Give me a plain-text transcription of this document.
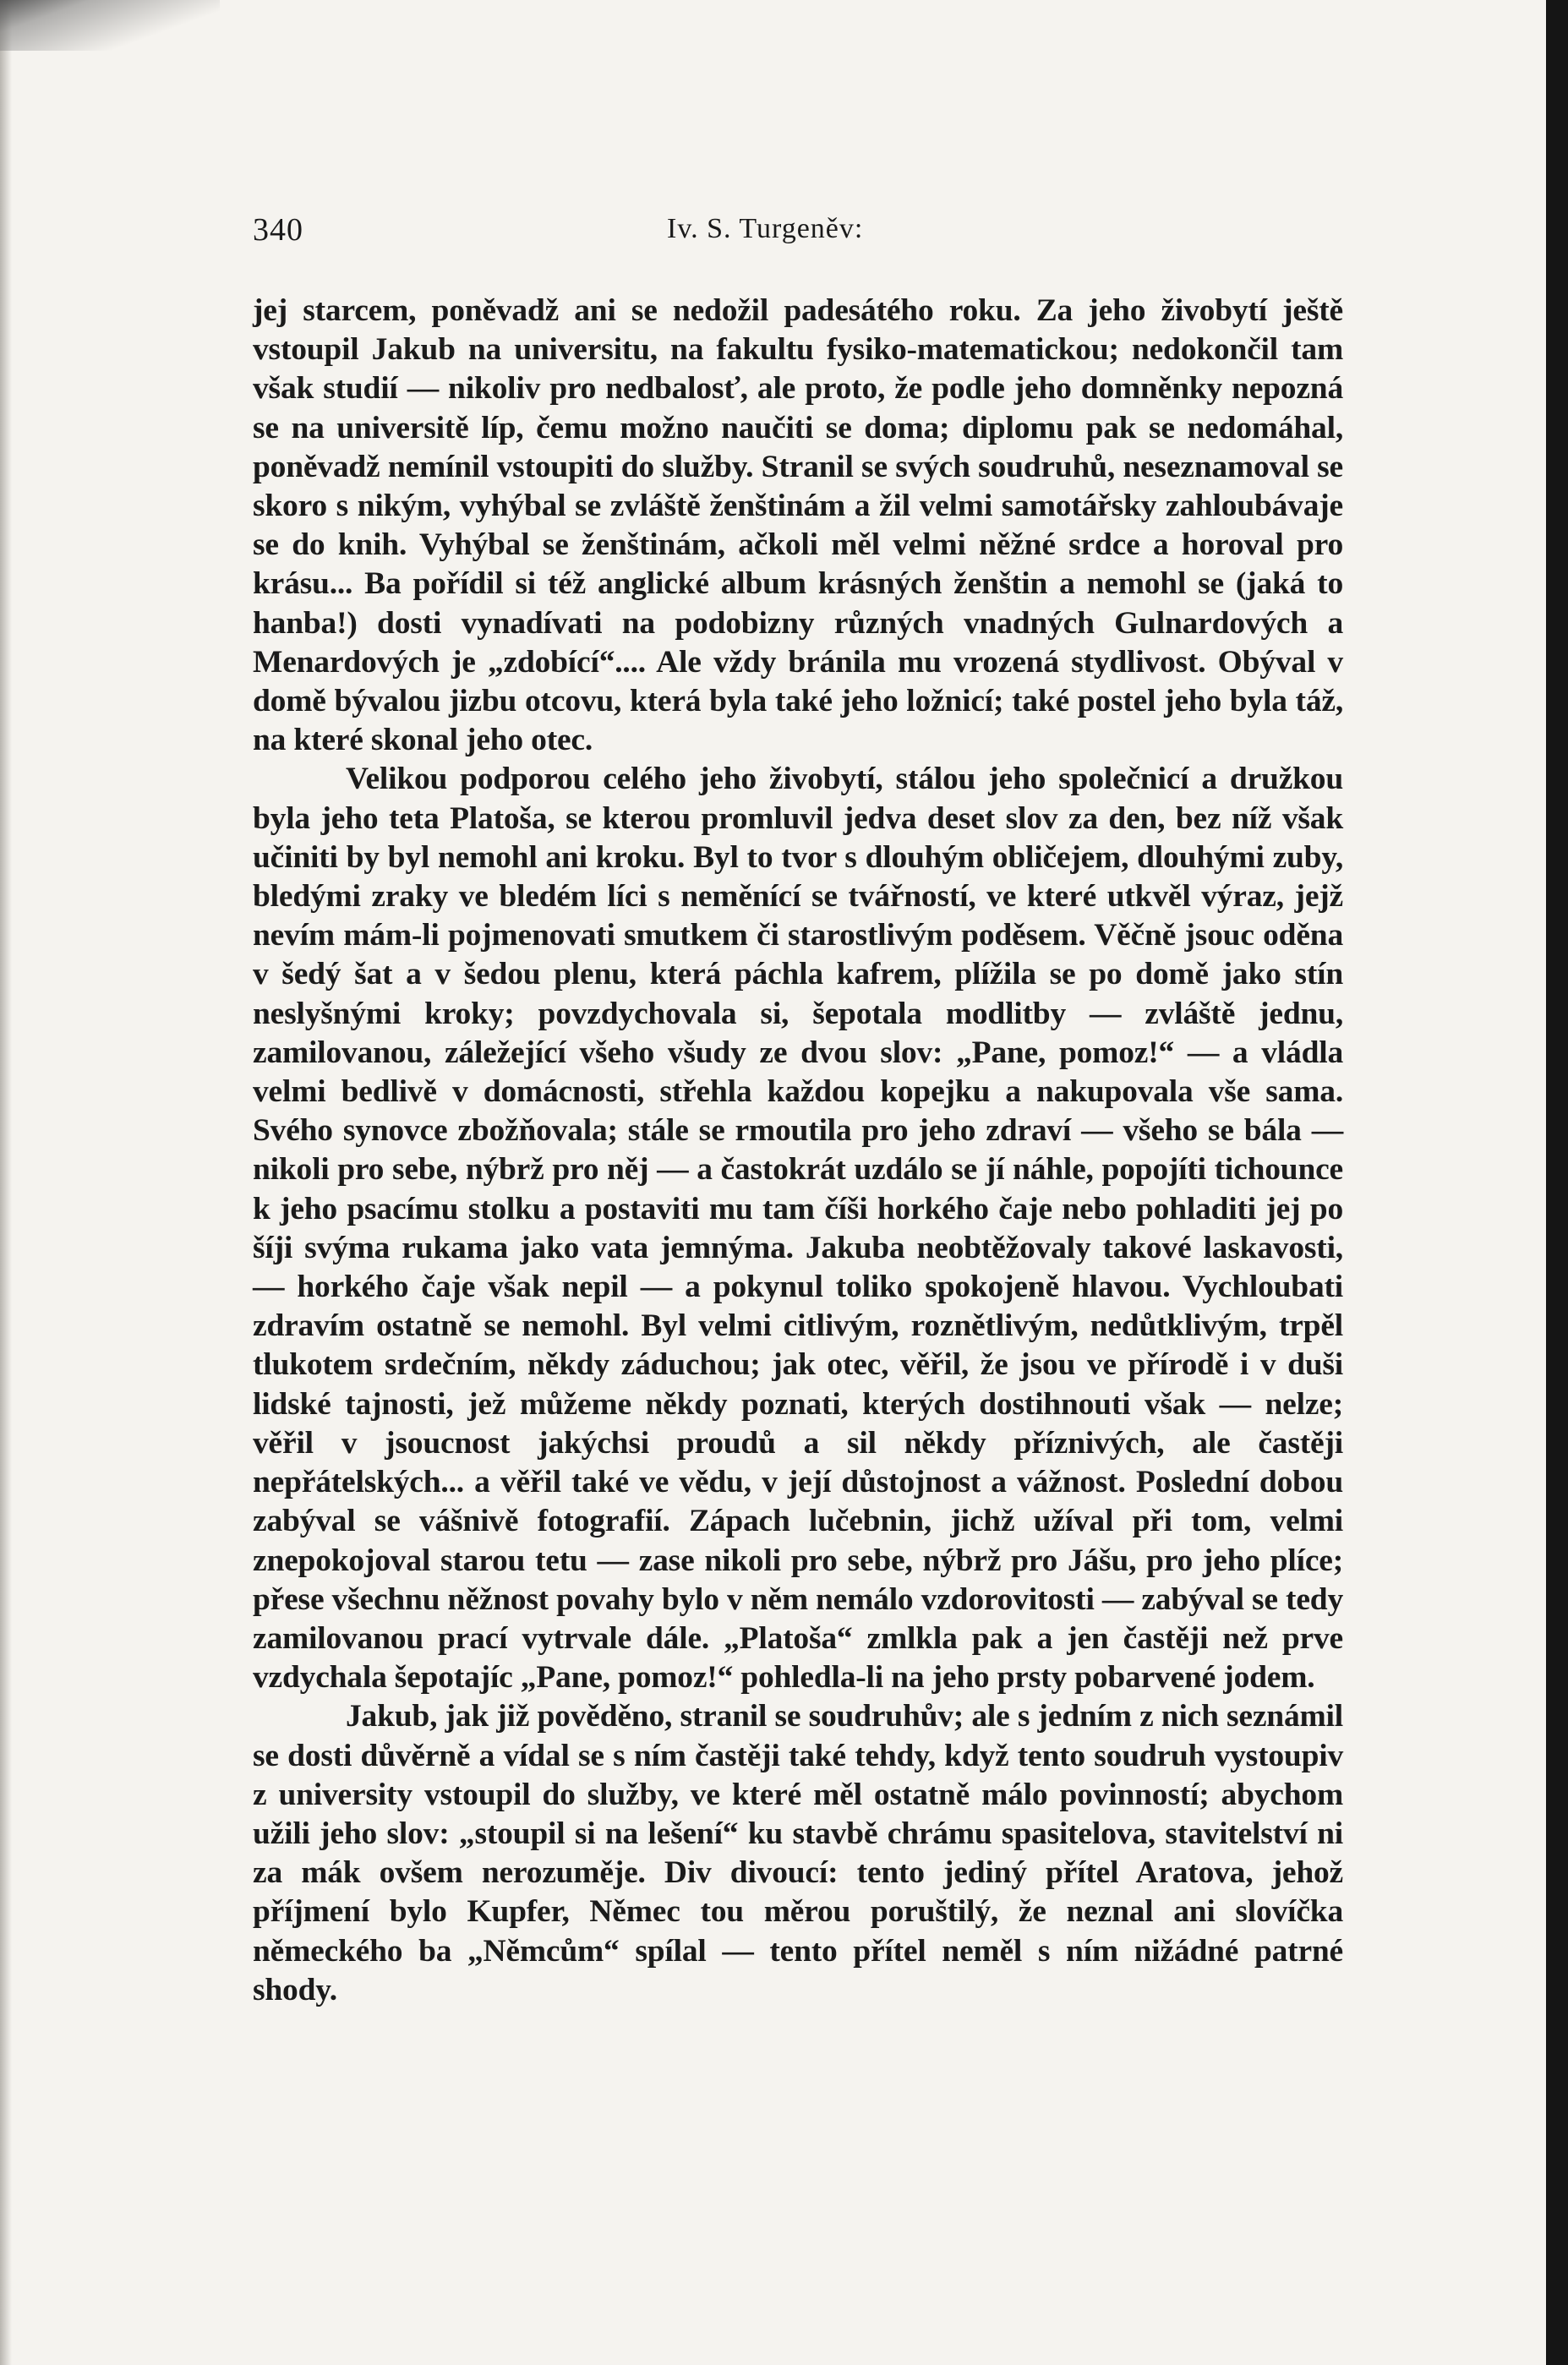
340	Iv. S. Turgeněv:

jej starcem, poněvadž ani se nedožil padesátého roku. Za jeho živobytí ještě vstoupil Jakub na universitu, na fakultu fysiko-matematickou; nedokončil tam však studií — nikoliv pro nedbalosť, ale proto, že podle jeho domněnky nepozná se na universitě líp, čemu možno naučiti se doma; diplomu pak se nedomáhal, poněvadž nemínil vstoupiti do služby. Stranil se svých soudruhů, neseznamoval se skoro s nikým, vyhýbal se zvláště ženštinám a žil velmi samotářsky zahloubávaje se do knih. Vyhýbal se ženštinám, ačkoli měl velmi něžné srdce a horoval pro krásu... Ba pořídil si též anglické album krásných ženštin a nemohl se (jaká to hanba!) dosti vynadívati na podobizny různých vnadných Gulnardových a Menardových je „zdobící“.... Ale vždy bránila mu vrozená stydlivost. Obýval v domě bývalou jizbu otcovu, která byla také jeho ložnicí; také postel jeho byla táž, na které skonal jeho otec.

Velikou podporou celého jeho živobytí, stálou jeho společnicí a družkou byla jeho teta Platoša, se kterou promluvil jedva deset slov za den, bez níž však učiniti by byl nemohl ani kroku. Byl to tvor s dlouhým obličejem, dlouhými zuby, bledými zraky ve bledém líci s neměnící se tvářností, ve které utkvěl výraz, jejž nevím mám-li pojmenovati smutkem či starostlivým poděsem. Věčně jsouc oděna v šedý šat a v šedou plenu, která páchla kafrem, plížila se po domě jako stín neslyšnými kroky; povzdychovala si, šepotala modlitby — zvláště jednu, zamilovanou, záležející všeho všudy ze dvou slov: „Pane, pomoz!“ — a vládla velmi bedlivě v domácnosti, střehla každou kopejku a nakupovala vše sama. Svého synovce zbožňovala; stále se rmoutila pro jeho zdraví — všeho se bála — nikoli pro sebe, nýbrž pro něj — a častokrát uzdálo se jí náhle, popojíti tichounce k jeho psacímu stolku a postaviti mu tam číši horkého čaje nebo pohladiti jej po šíji svýma rukama jako vata jemnýma. Jakuba neobtěžovaly takové laskavosti, — horkého čaje však nepil — a pokynul toliko spokojeně hlavou. Vychloubati zdravím ostatně se nemohl. Byl velmi citlivým, roznětlivým, nedůtklivým, trpěl tlukotem srdečním, někdy záduchou; jak otec, věřil, že jsou ve přírodě i v duši lidské tajnosti, jež můžeme někdy poznati, kterých dostihnouti však — nelze; věřil v jsoucnost jakýchsi proudů a sil někdy příznivých, ale častěji nepřátelských... a věřil také ve vědu, v její důstojnost a vážnost. Poslední dobou zabýval se vášnivě fotografií. Zápach lučebnin, jichž užíval při tom, velmi znepokojoval starou tetu — zase nikoli pro sebe, nýbrž pro Jášu, pro jeho plíce; přese všechnu něžnost povahy bylo v něm nemálo vzdorovitosti — zabýval se tedy zamilovanou prací vytrvale dále. „Platoša“ zmlkla pak a jen častěji než prve vzdychala šepotajíc „Pane, pomoz!“ pohledla-li na jeho prsty pobarvené jodem.

Jakub, jak již pověděno, stranil se soudruhův; ale s jedním z nich seznámil se dosti důvěrně a vídal se s ním častěji také tehdy, když tento soudruh vystoupiv z university vstoupil do služby, ve které měl ostatně málo povinností; abychom užili jeho slov: „stoupil si na lešení“ ku stavbě chrámu spasitelova, stavitelství ni za mák ovšem nerozuměje. Div divoucí: tento jediný přítel Aratova, jehož příjmení bylo Kupfer, Němec tou měrou poruštilý, že neznal ani slovíčka německého ba „Němcům“ spílal — tento přítel neměl s ním nižádné patrné shody.
